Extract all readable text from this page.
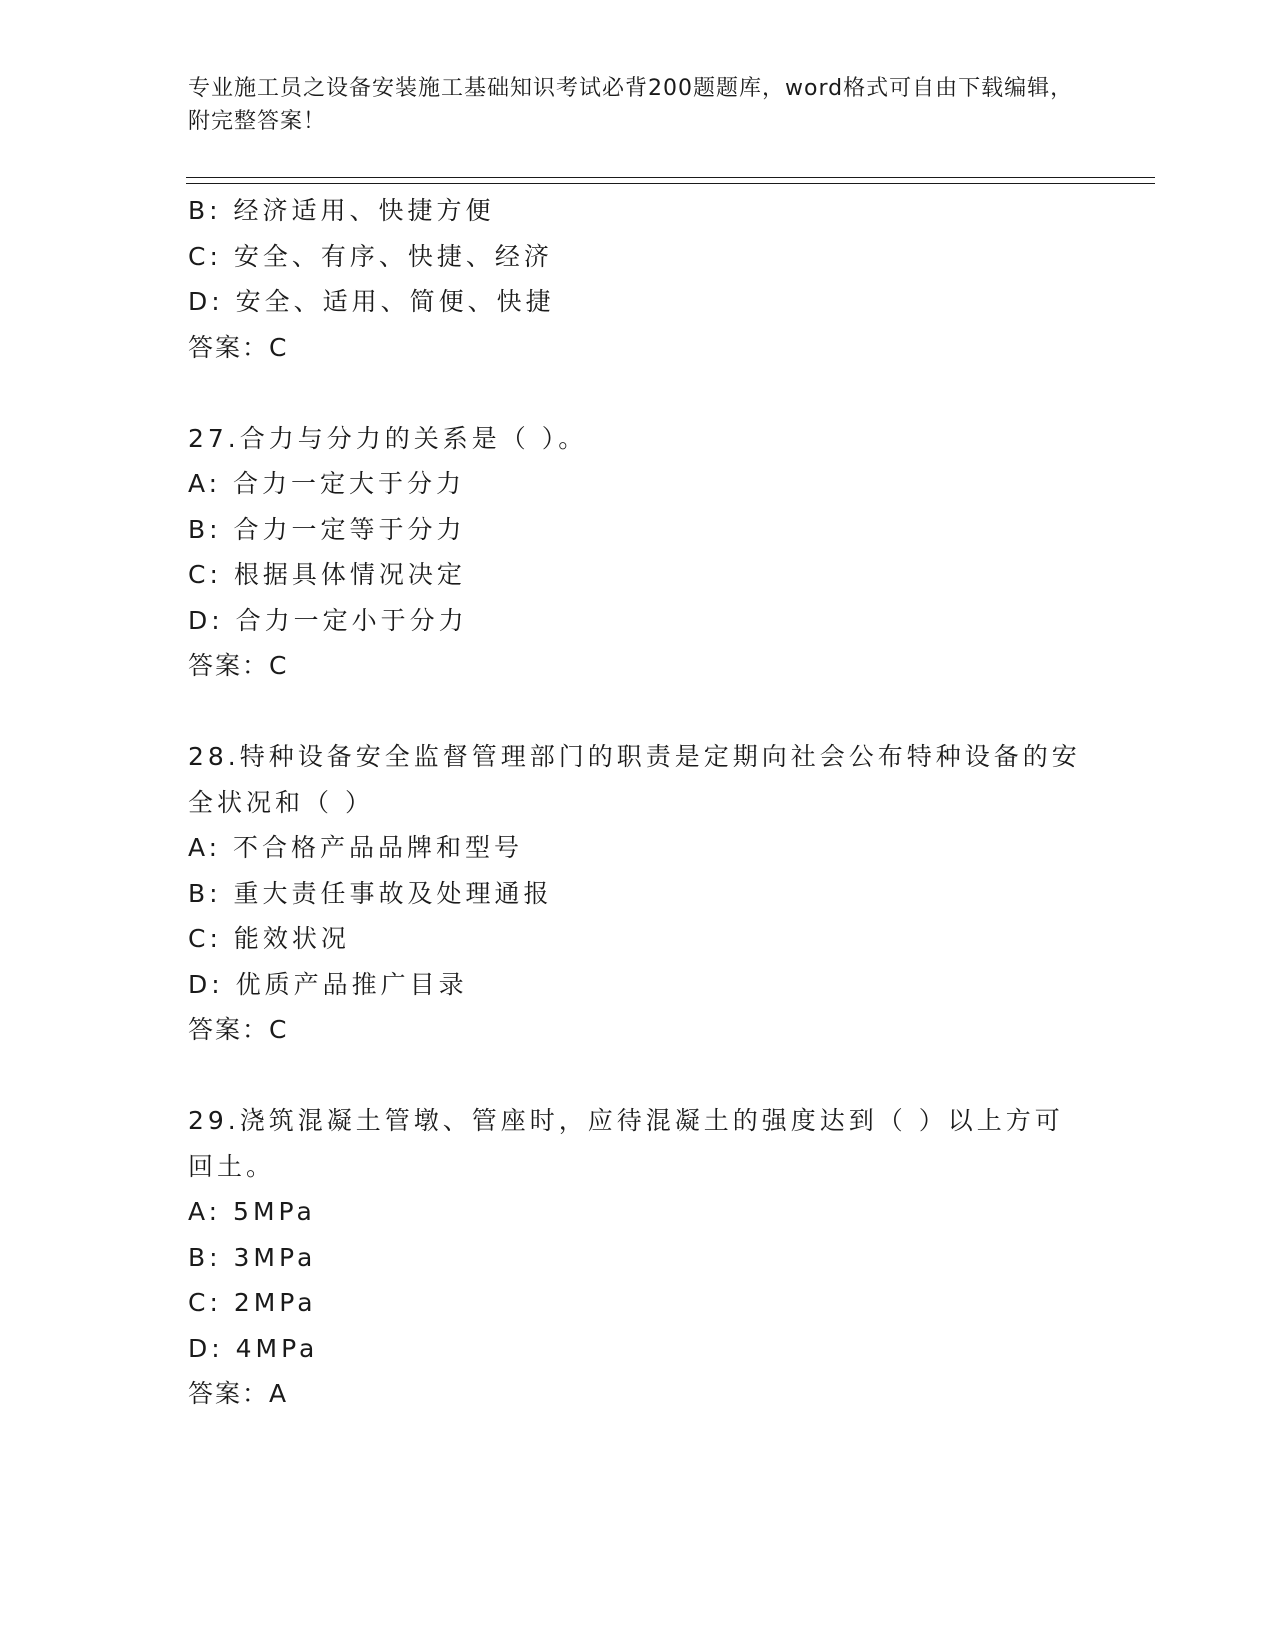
专业施工员之设备安装施工基础知识考试必背200题题库，word格式可自由下载编辑，附完整答案！
B: 经济适用、快捷方便
C: 安全、有序、快捷、经济
D: 安全、适用、简便、快捷
答案：C
27.合力与分力的关系是（ ）。
A: 合力一定大于分力
B: 合力一定等于分力
C: 根据具体情况决定
D: 合力一定小于分力
答案：C
28.特种设备安全监督管理部门的职责是定期向社会公布特种设备的安全状况和（ ）
A: 不合格产品品牌和型号
B: 重大责任事故及处理通报
C: 能效状况
D: 优质产品推广目录
答案：C
29.浇筑混凝土管墩、管座时，应待混凝土的强度达到（ ）以上方可回土。
A: 5MPa
B: 3MPa
C: 2MPa
D: 4MPa
答案：A
